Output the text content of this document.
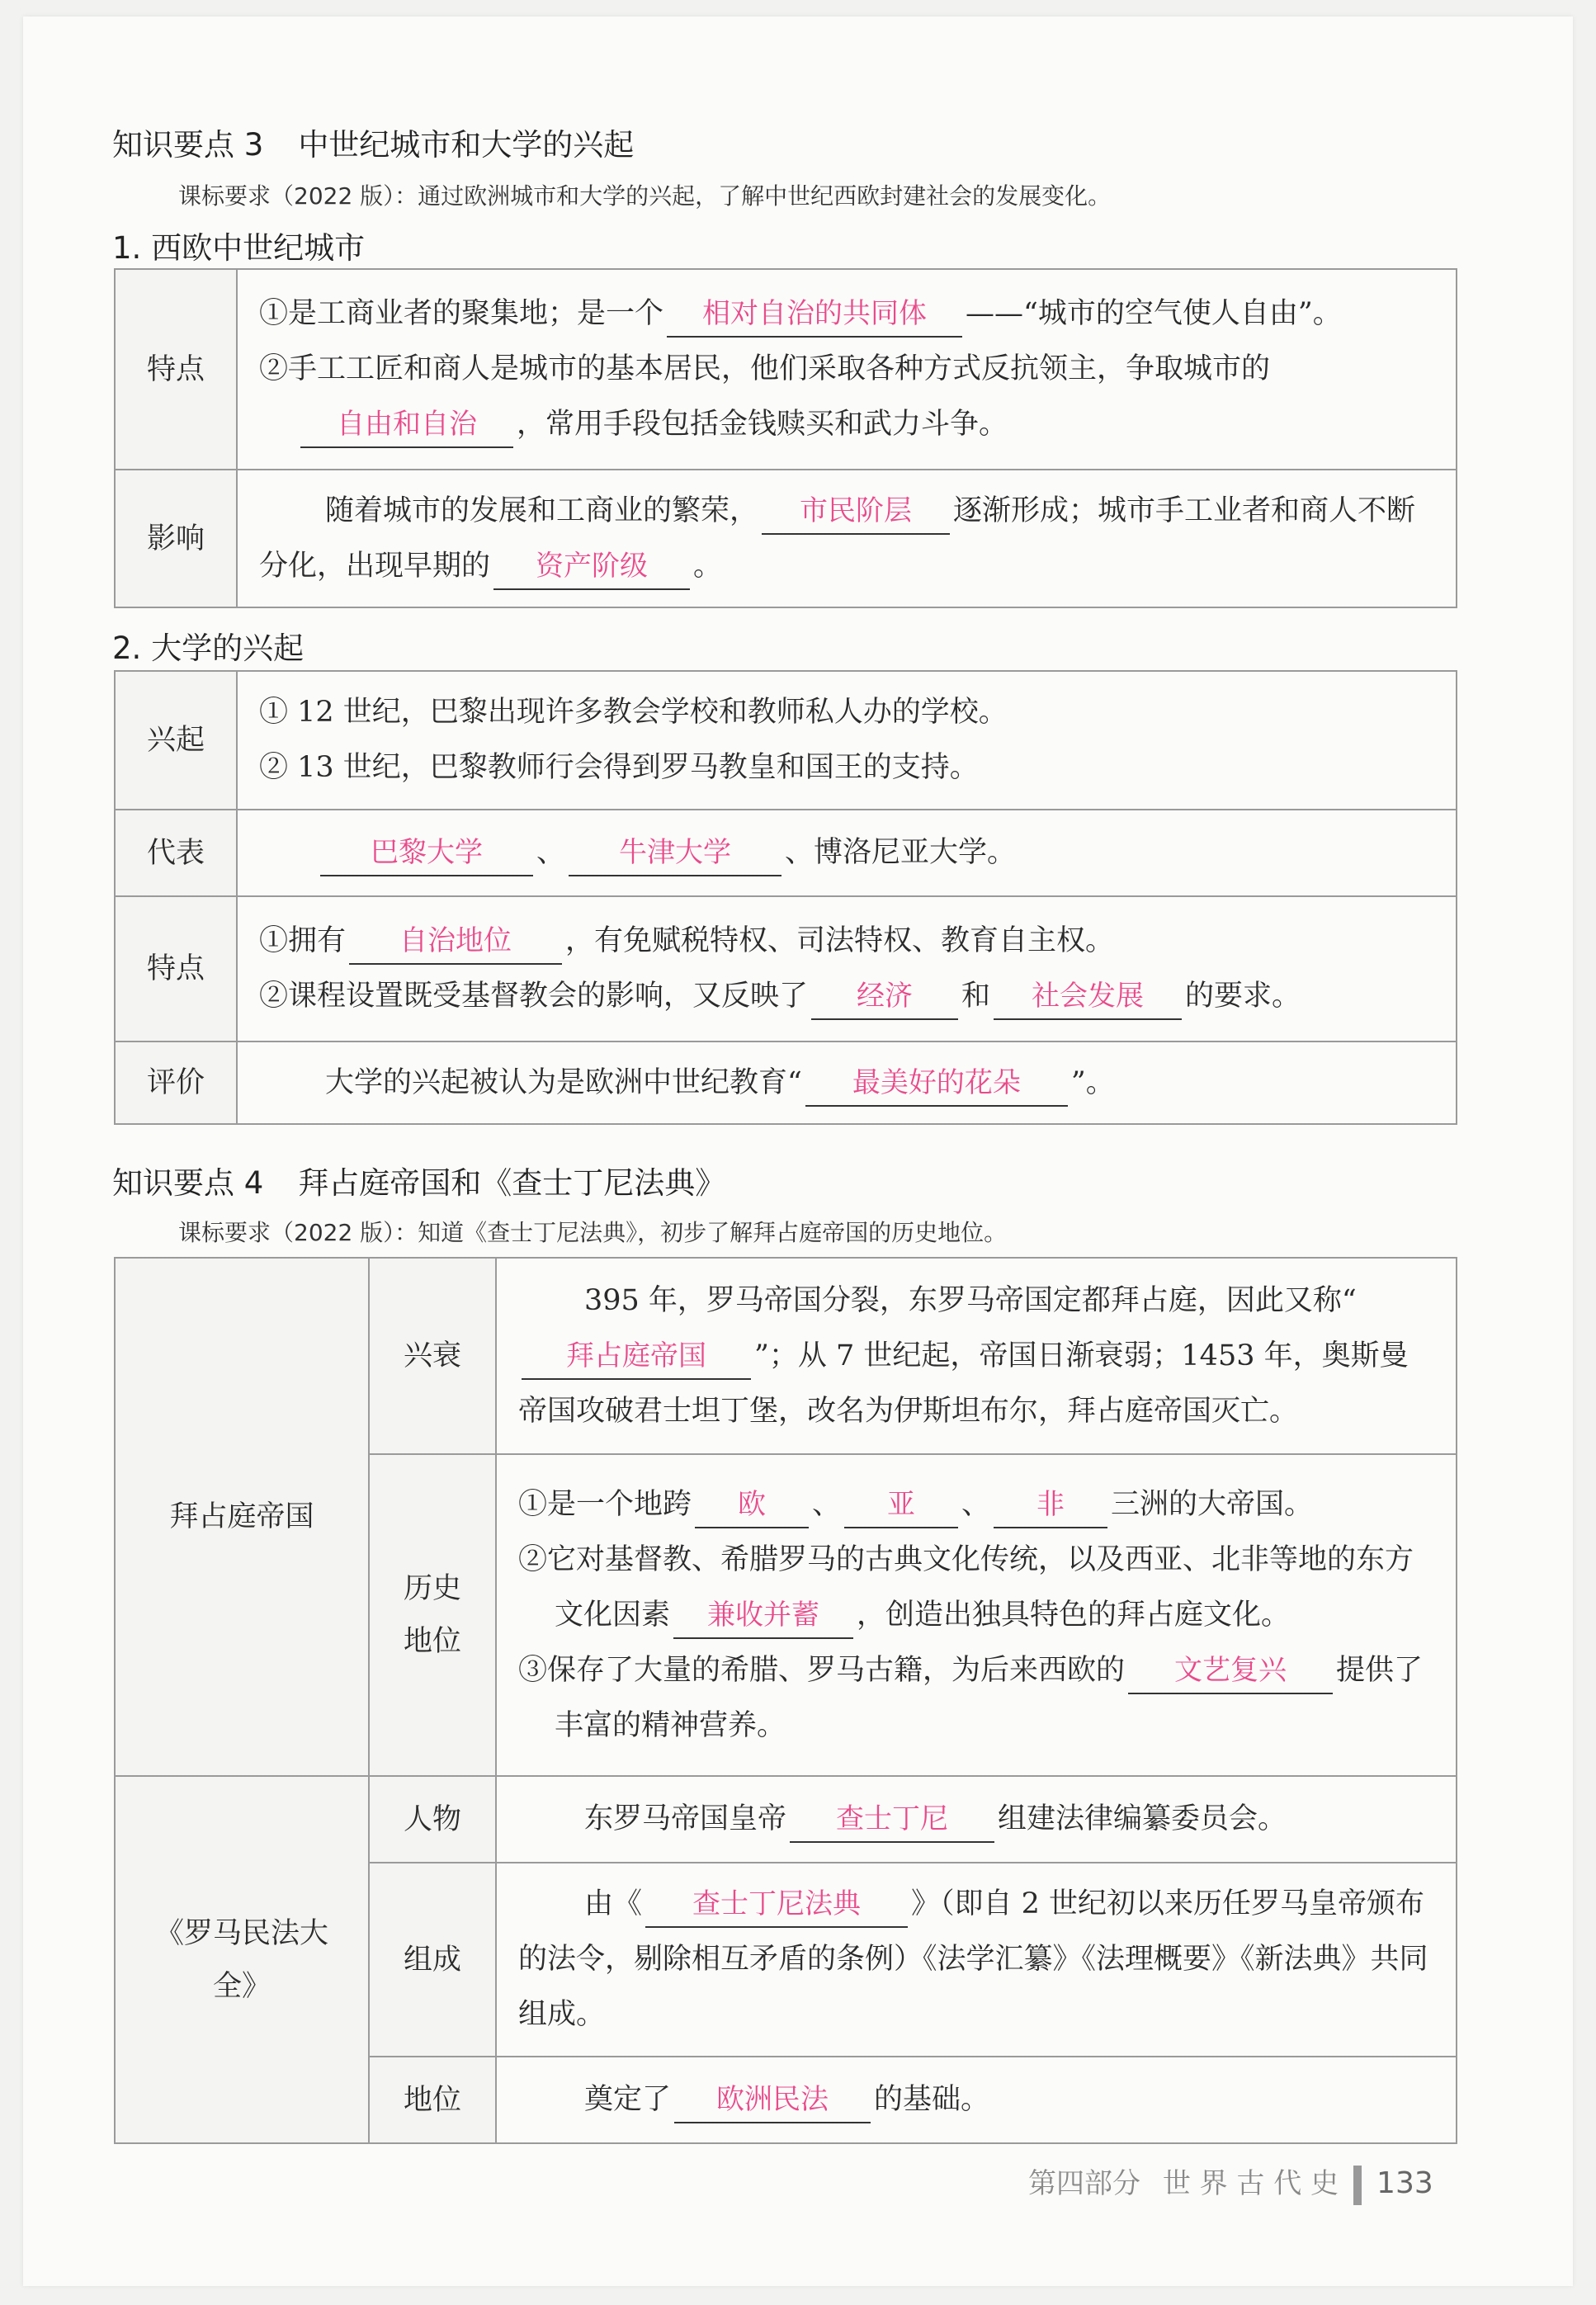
知识要点 3 中世纪城市和大学的兴起
课标要求（2022 版）：通过欧洲城市和大学的兴起，了解中世纪西欧封建社会的发展变化。
1. 西欧中世纪城市
特点	①是工商业者的聚集地；是一个 相对自治的共同体 ——“城市的空气使人自由”。
②手工工匠和商人是城市的基本居民，他们采取各种方式反抗领主，争取城市的
自由和自治 ，常用手段包括金钱赎买和武力斗争。

影响	随着城市的发展和工商业的繁荣， 市民阶层 逐渐形成；城市手工业者和商人不断分化，出现早期的 资产阶级 。
2. 大学的兴起
兴起	① 12 世纪，巴黎出现许多教会学校和教师私人办的学校。
② 13 世纪，巴黎教师行会得到罗马教皇和国王的支持。

代表	巴黎大学 、 牛津大学 、博洛尼亚大学。

特点	①拥有 自治地位 ，有免赋税特权、司法特权、教育自主权。
②课程设置既受基督教会的影响，又反映了 经济 和 社会发展 的要求。

评价	大学的兴起被认为是欧洲中世纪教育“ 最美好的花朵 ”。
知识要点 4 拜占庭帝国和《查士丁尼法典》
课标要求（2022 版）：知道《查士丁尼法典》，初步了解拜占庭帝国的历史地位。
拜占庭帝国	兴衰	395 年，罗马帝国分裂，东罗马帝国定都拜占庭，因此又称“拜占庭帝国 ”；从 7 世纪起，帝国日渐衰弱；1453 年，奥斯曼帝国攻破君士坦丁堡，改名为伊斯坦布尔，拜占庭帝国灭亡。

	历史地位	①是一个地跨 欧 、 亚 、 非 三洲的大帝国。
②它对基督教、希腊罗马的古典文化传统，以及西亚、北非等地的东方文化因素 兼收并蓄 ，创造出独具特色的拜占庭文化。
③保存了大量的希腊、罗马古籍，为后来西欧的 文艺复兴 提供了丰富的精神营养。

《罗马民法大全》	人物	东罗马帝国皇帝 查士丁尼 组建法律编纂委员会。

	组成	由《 查士丁尼法典 》（即自 2 世纪初以来历任罗马皇帝颁布的法令，剔除相互矛盾的条例）《法学汇纂》《法理概要》《新法典》共同组成。

	地位	奠定了 欧洲民法 的基础。
第四部分 世 界 古 代 史 133
